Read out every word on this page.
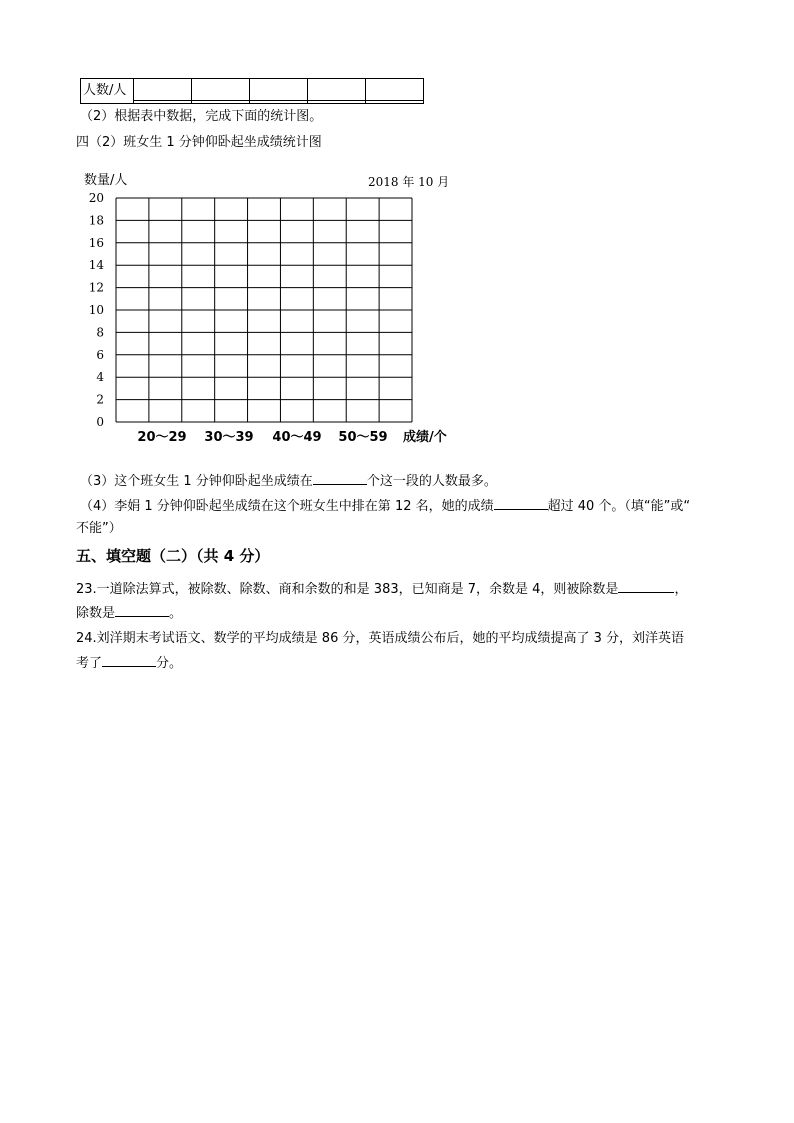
人数/人	

（2）根据表中数据，完成下面的统计图。
四（2）班女生 1 分钟仰卧起坐成绩统计图
数量/人	2018 年 10 月
0
2
4
6
8
10
12
14
16
18
20
20～29 30～39 40～49 50～59 成绩/个
（3）这个班女生 1 分钟仰卧起坐成绩在	个这一段的人数最多。
（4）李娟 1 分钟仰卧起坐成绩在这个班女生中排在第 12 名，她的成绩	超过 40 个。（填“能”或“
不能”）
五、填空题（二）（共 4 分）
23.一道除法算式，被除数、除数、商和余数的和是 383，已知商是 7，余数是 4，则被除数是	，
除数是	。
24.刘洋期末考试语文、数学的平均成绩是 86 分，英语成绩公布后，她的平均成绩提高了 3 分，刘洋英语
考了	分。
